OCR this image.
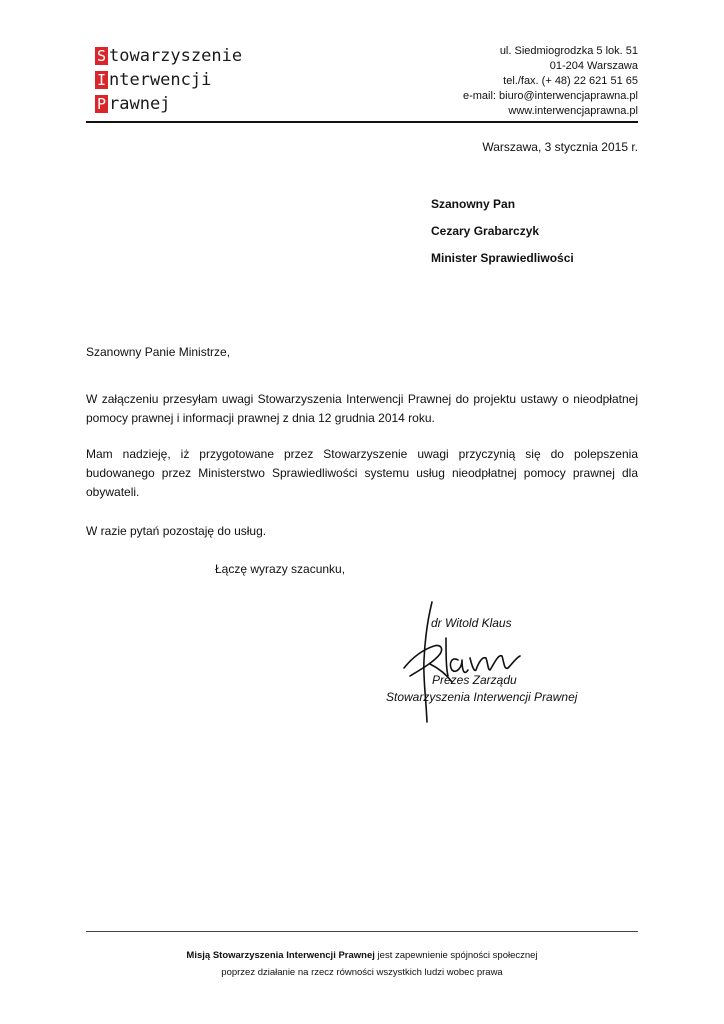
S towarzyszenie
I nterwencji
P rawnej
ul. Siedmiogrodzka 5 lok. 51
01-204 Warszawa
tel./fax. (+ 48) 22 621 51 65
e-mail: biuro@interwencjaprawna.pl
www.interwencjaprawna.pl
Warszawa, 3 stycznia 2015 r.
Szanowny Pan
Cezary Grabarczyk
Minister Sprawiedliwości
Szanowny Panie Ministrze,
W załączeniu przesyłam uwagi Stowarzyszenia Interwencji Prawnej do projektu ustawy o nieodpłatnej pomocy prawnej i informacji prawnej z dnia 12 grudnia 2014 roku.
Mam nadzieję, iż przygotowane przez Stowarzyszenie uwagi przyczynią się do polepszenia budowanego przez Ministerstwo Sprawiedliwości systemu usług nieodpłatnej pomocy prawnej dla obywateli.
W razie pytań pozostaję do usług.
Łączę wyrazy szacunku,
dr Witold Klaus
Prezes Zarządu
Stowarzyszenia Interwencji Prawnej
Misją Stowarzyszenia Interwencji Prawnej jest zapewnienie spójności społecznej
poprzez działanie na rzecz równości wszystkich ludzi wobec prawa
